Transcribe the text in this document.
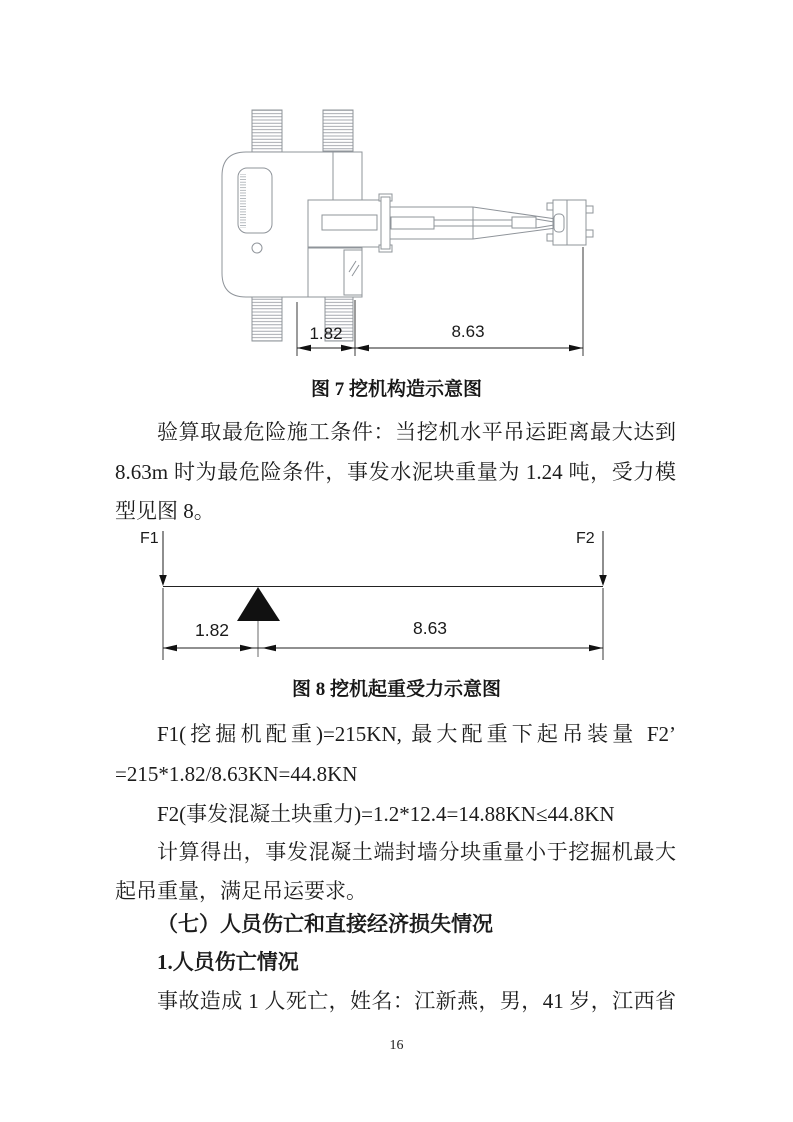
1.82	8.63
图 7 挖机构造示意图
验算取最危险施工条件：当挖机水平吊运距离最大达到
8.63m 时为最危险条件，事发水泥块重量为 1.24 吨，受力模
型见图 8。
F1	F2
1.82	8.63
图 8 挖机起重受力示意图
F1(挖掘机配重)=215KN, 最大配重下起吊装量 F2’
=215*1.82/8.63KN=44.8KN
F2(事发混凝土块重力)=1.2*12.4=14.88KN≤44.8KN
计算得出，事发混凝土端封墙分块重量小于挖掘机最大
起吊重量，满足吊运要求。
（七）人员伤亡和直接经济损失情况
1.人员伤亡情况
事故造成 1 人死亡，姓名：江新燕，男，41 岁，江西省
16
